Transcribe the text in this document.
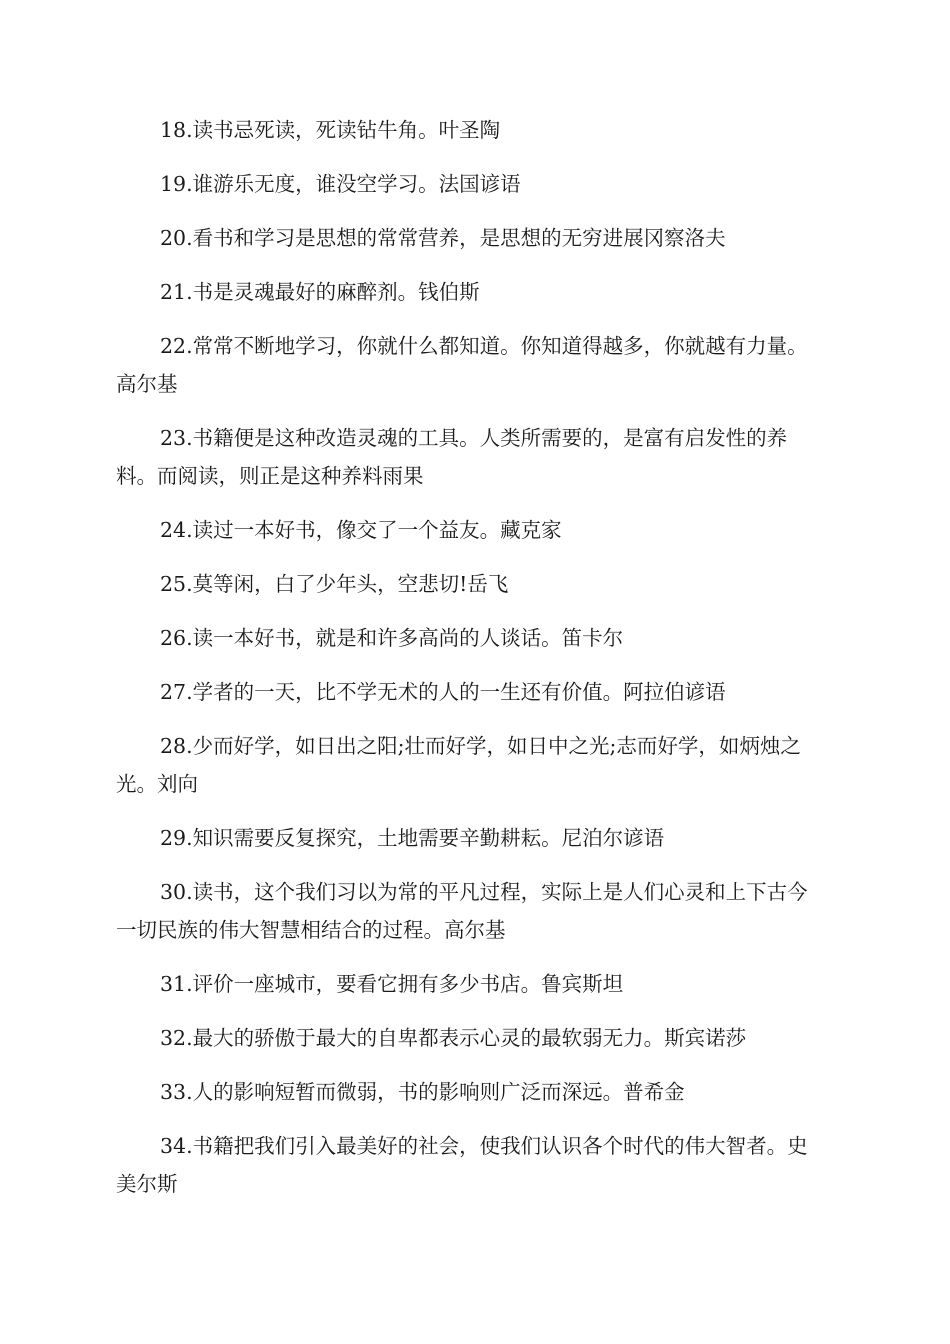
18.读书忌死读，死读钻牛角。叶圣陶

19.谁游乐无度，谁没空学习。法国谚语

20.看书和学习是思想的常常营养，是思想的无穷进展冈察洛夫

21.书是灵魂最好的麻醉剂。钱伯斯

22.常常不断地学习，你就什么都知道。你知道得越多，你就越有力量。高尔基

23.书籍便是这种改造灵魂的工具。人类所需要的，是富有启发性的养料。而阅读，则正是这种养料雨果

24.读过一本好书，像交了一个益友。藏克家

25.莫等闲，白了少年头，空悲切!岳飞

26.读一本好书，就是和许多高尚的人谈话。笛卡尔

27.学者的一天，比不学无术的人的一生还有价值。阿拉伯谚语

28.少而好学，如日出之阳;壮而好学，如日中之光;志而好学，如炳烛之光。刘向

29.知识需要反复探究，土地需要辛勤耕耘。尼泊尔谚语

30.读书，这个我们习以为常的平凡过程，实际上是人们心灵和上下古今一切民族的伟大智慧相结合的过程。高尔基

31.评价一座城市，要看它拥有多少书店。鲁宾斯坦

32.最大的骄傲于最大的自卑都表示心灵的最软弱无力。斯宾诺莎

33.人的影响短暂而微弱，书的影响则广泛而深远。普希金

34.书籍把我们引入最美好的社会，使我们认识各个时代的伟大智者。史美尔斯
